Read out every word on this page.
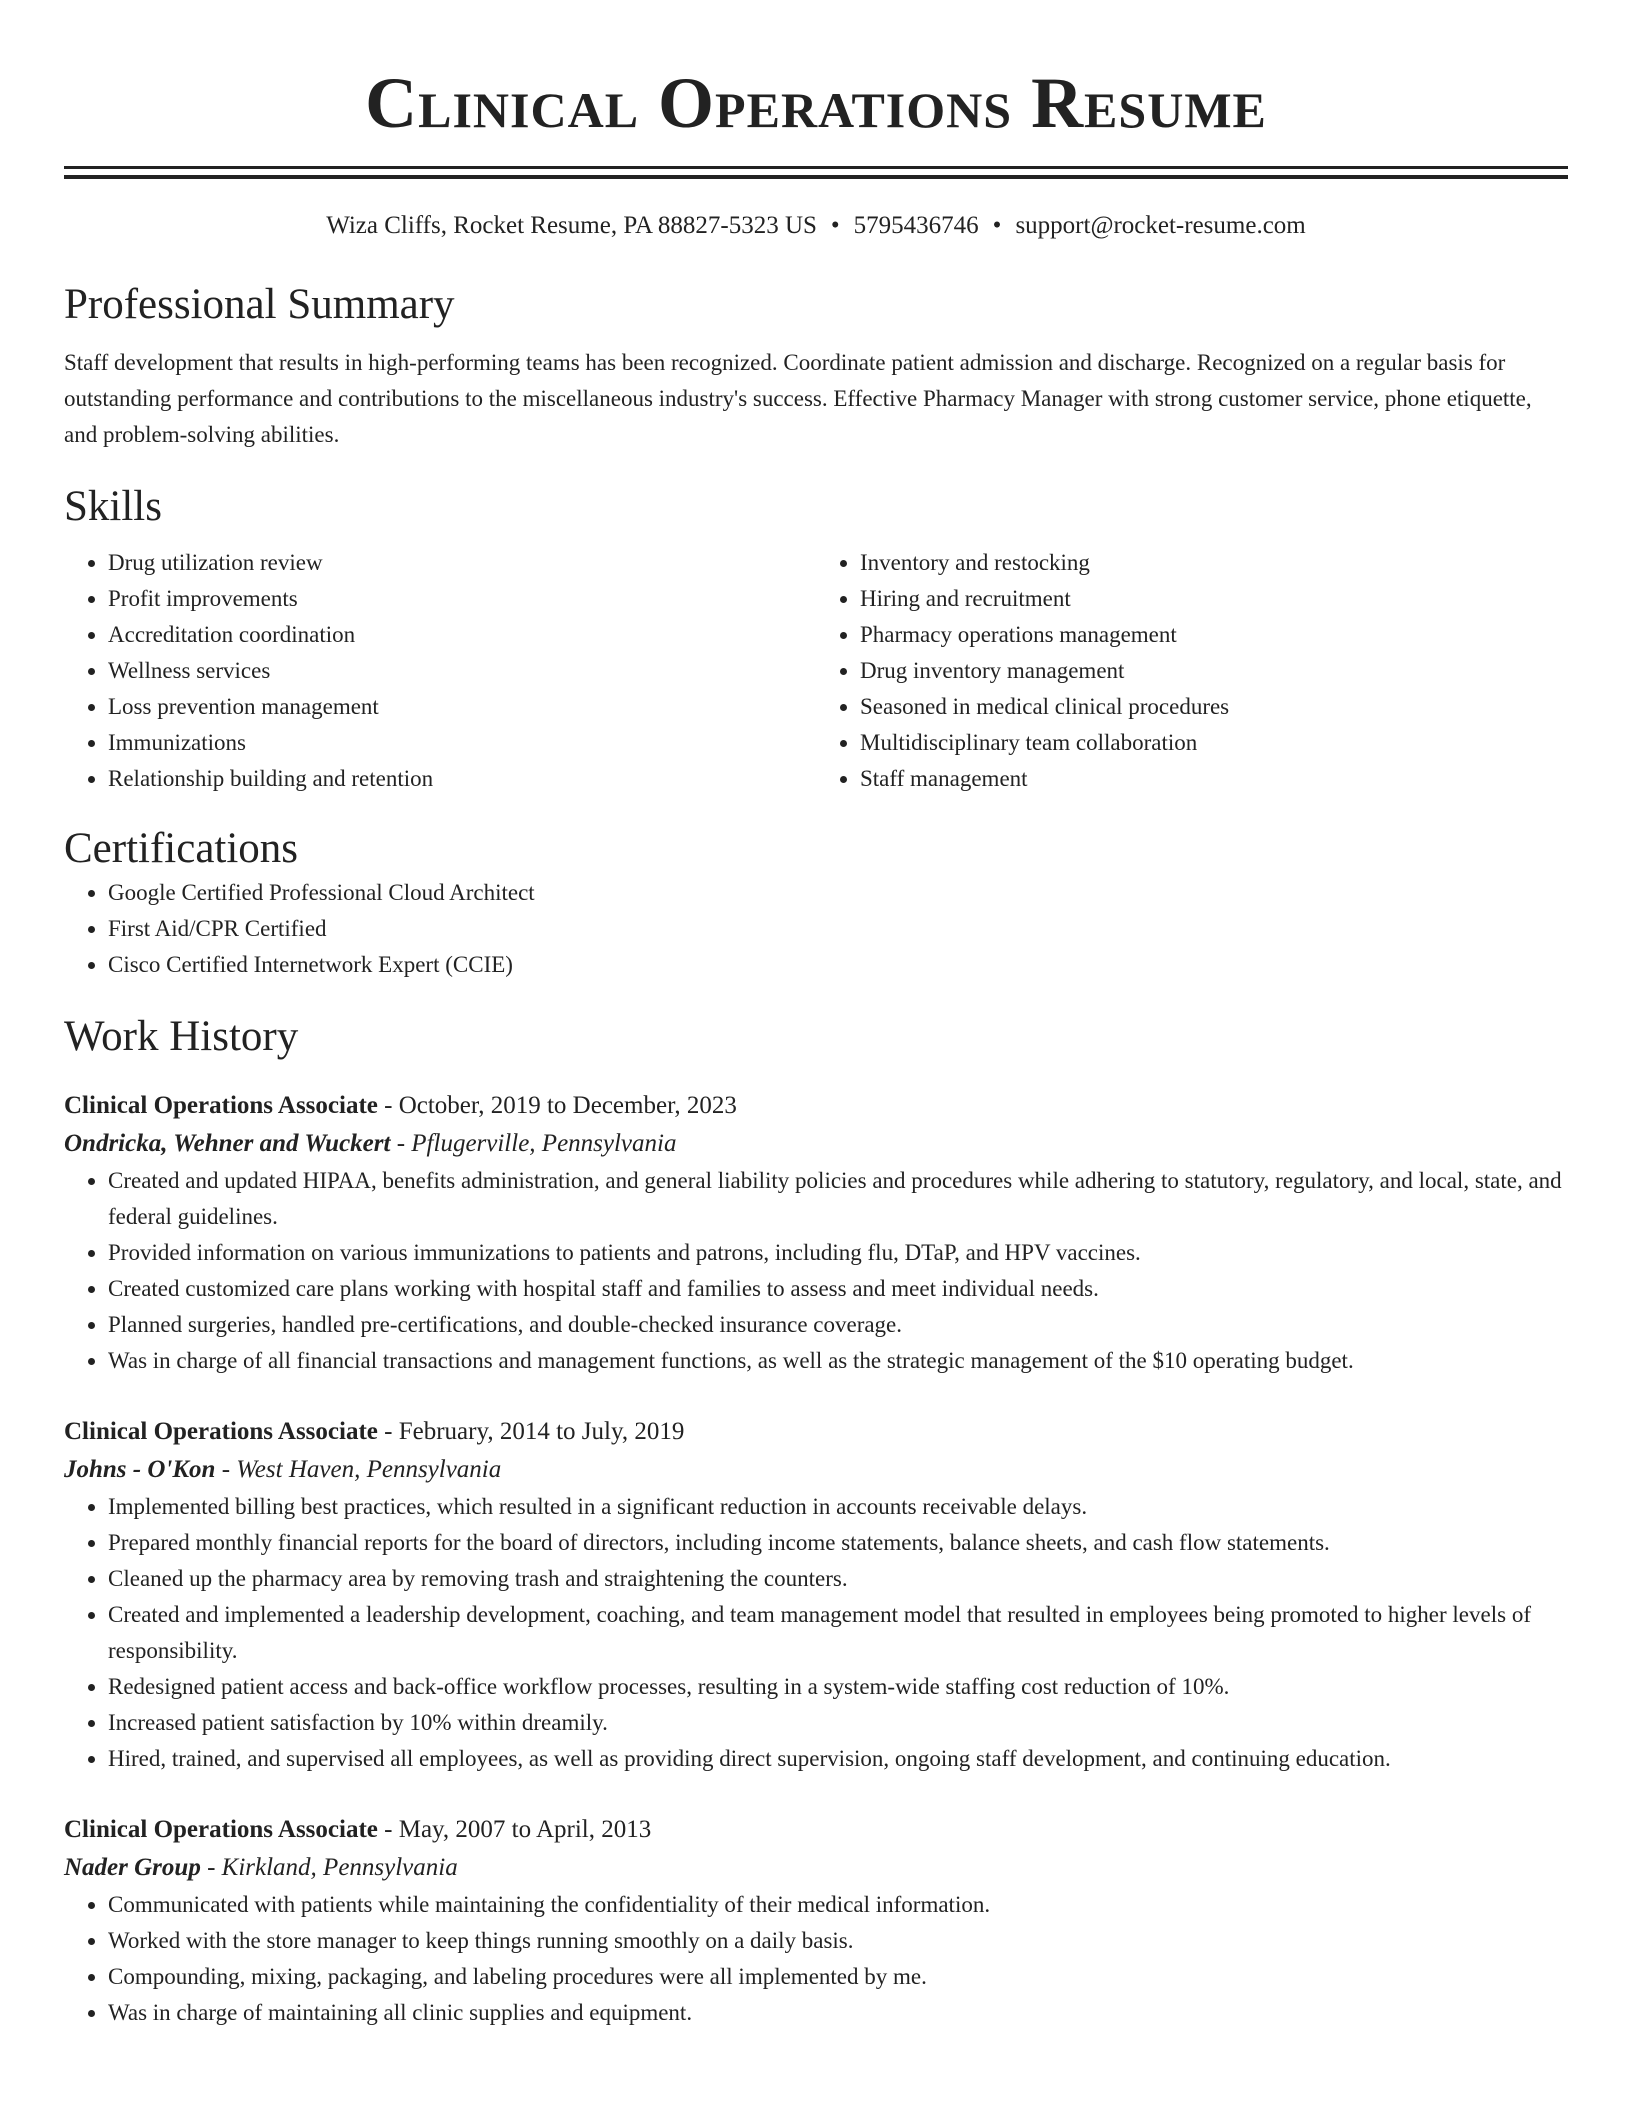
Clinical Operations Resume
Wiza Cliffs, Rocket Resume, PA 88827-5323 US • 5795436746 • support@rocket-resume.com
Professional Summary

Staff development that results in high-performing teams has been recognized. Coordinate patient admission and discharge. Recognized on a regular basis for outstanding performance and contributions to the miscellaneous industry's success. Effective Pharmacy Manager with strong customer service, phone etiquette, and problem-solving abilities.

Skills
• Drug utilization review
• Profit improvements
• Accreditation coordination
• Wellness services
• Loss prevention management
• Immunizations
• Relationship building and retention
• Inventory and restocking
• Hiring and recruitment
• Pharmacy operations management
• Drug inventory management
• Seasoned in medical clinical procedures
• Multidisciplinary team collaboration
• Staff management
Certifications
• Google Certified Professional Cloud Architect
• First Aid/CPR Certified
• Cisco Certified Internetwork Expert (CCIE)
Work History
Clinical Operations Associate - October, 2019 to December, 2023
Ondricka, Wehner and Wuckert - Pflugerville, Pennsylvania
• Created and updated HIPAA, benefits administration, and general liability policies and procedures while adhering to statutory, regulatory, and local, state, and federal guidelines.
• Provided information on various immunizations to patients and patrons, including flu, DTaP, and HPV vaccines.
• Created customized care plans working with hospital staff and families to assess and meet individual needs.
• Planned surgeries, handled pre-certifications, and double-checked insurance coverage.
• Was in charge of all financial transactions and management functions, as well as the strategic management of the $10 operating budget.
Clinical Operations Associate - February, 2014 to July, 2019
Johns - O'Kon - West Haven, Pennsylvania
• Implemented billing best practices, which resulted in a significant reduction in accounts receivable delays.
• Prepared monthly financial reports for the board of directors, including income statements, balance sheets, and cash flow statements.
• Cleaned up the pharmacy area by removing trash and straightening the counters.
• Created and implemented a leadership development, coaching, and team management model that resulted in employees being promoted to higher levels of responsibility.
• Redesigned patient access and back-office workflow processes, resulting in a system-wide staffing cost reduction of 10%.
• Increased patient satisfaction by 10% within dreamily.
• Hired, trained, and supervised all employees, as well as providing direct supervision, ongoing staff development, and continuing education.
Clinical Operations Associate - May, 2007 to April, 2013
Nader Group - Kirkland, Pennsylvania
• Communicated with patients while maintaining the confidentiality of their medical information.
• Worked with the store manager to keep things running smoothly on a daily basis.
• Compounding, mixing, packaging, and labeling procedures were all implemented by me.
• Was in charge of maintaining all clinic supplies and equipment.
